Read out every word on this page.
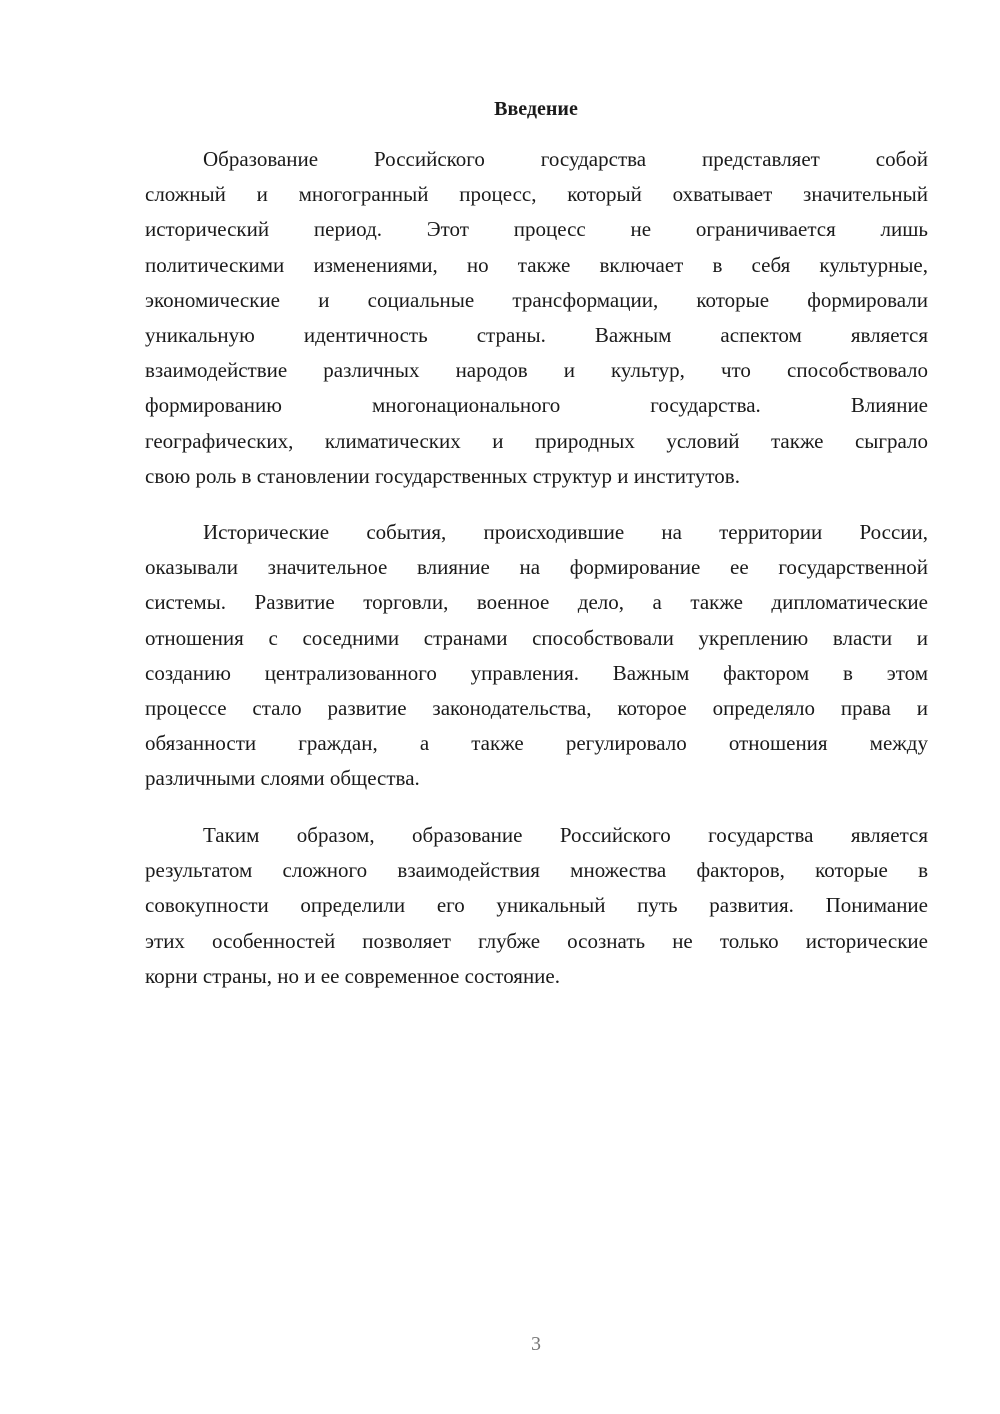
Введение
Образование Российского государства представляет собой
сложный и многогранный процесс, который охватывает значительный
исторический период. Этот процесс не ограничивается лишь
политическими изменениями, но также включает в себя культурные,
экономические и социальные трансформации, которые формировали
уникальную идентичность страны. Важным аспектом является
взаимодействие различных народов и культур, что способствовало
формированию многонационального государства. Влияние
географических, климатических и природных условий также сыграло
свою роль в становлении государственных структур и институтов.
Исторические события, происходившие на территории России,
оказывали значительное влияние на формирование ее государственной
системы. Развитие торговли, военное дело, а также дипломатические
отношения с соседними странами способствовали укреплению власти и
созданию централизованного управления. Важным фактором в этом
процессе стало развитие законодательства, которое определяло права и
обязанности граждан, а также регулировало отношения между
различными слоями общества.
Таким образом, образование Российского государства является
результатом сложного взаимодействия множества факторов, которые в
совокупности определили его уникальный путь развития. Понимание
этих особенностей позволяет глубже осознать не только исторические
корни страны, но и ее современное состояние.
3
